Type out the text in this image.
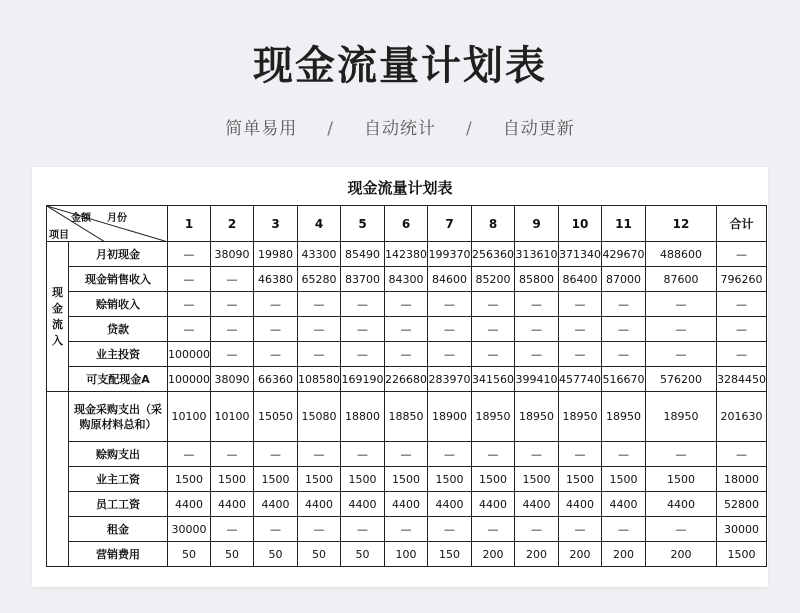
现金流量计划表
简单易用 / 自动统计 / 自动更新
现金流量计划表
金额 月份
项目		1	2	3	4	5	6	7	8	9	10	11	12	合计

现
金
流
入	月初现金	—	38090	19980	43300	85490	142380	199370	256360	313610	371340	429670	488600	—
	现金销售收入	—	—	46380	65280	83700	84300	84600	85200	85800	86400	87000	87600	796260
	赊销收入	—	—	—	—	—	—	—	—	—	—	—	—	—
	贷款	—	—	—	—	—	—	—	—	—	—	—	—	—
	业主投资	100000	—	—	—	—	—	—	—	—	—	—	—	—
	可支配现金A	100000	38090	66360	108580	169190	226680	283970	341560	399410	457740	516670	576200	3284450
	现金采购支出（采购原材料总和）	10100	10100	15050	15080	18800	18850	18900	18950	18950	18950	18950	18950	201630
	赊购支出	—	—	—	—	—	—	—	—	—	—	—	—	—
	业主工资	1500	1500	1500	1500	1500	1500	1500	1500	1500	1500	1500	1500	18000
	员工工资	4400	4400	4400	4400	4400	4400	4400	4400	4400	4400	4400	4400	52800
	租金	30000	—	—	—	—	—	—	—	—	—	—	—	30000
	营销费用	50	50	50	50	50	100	150	200	200	200	200	200	1500
